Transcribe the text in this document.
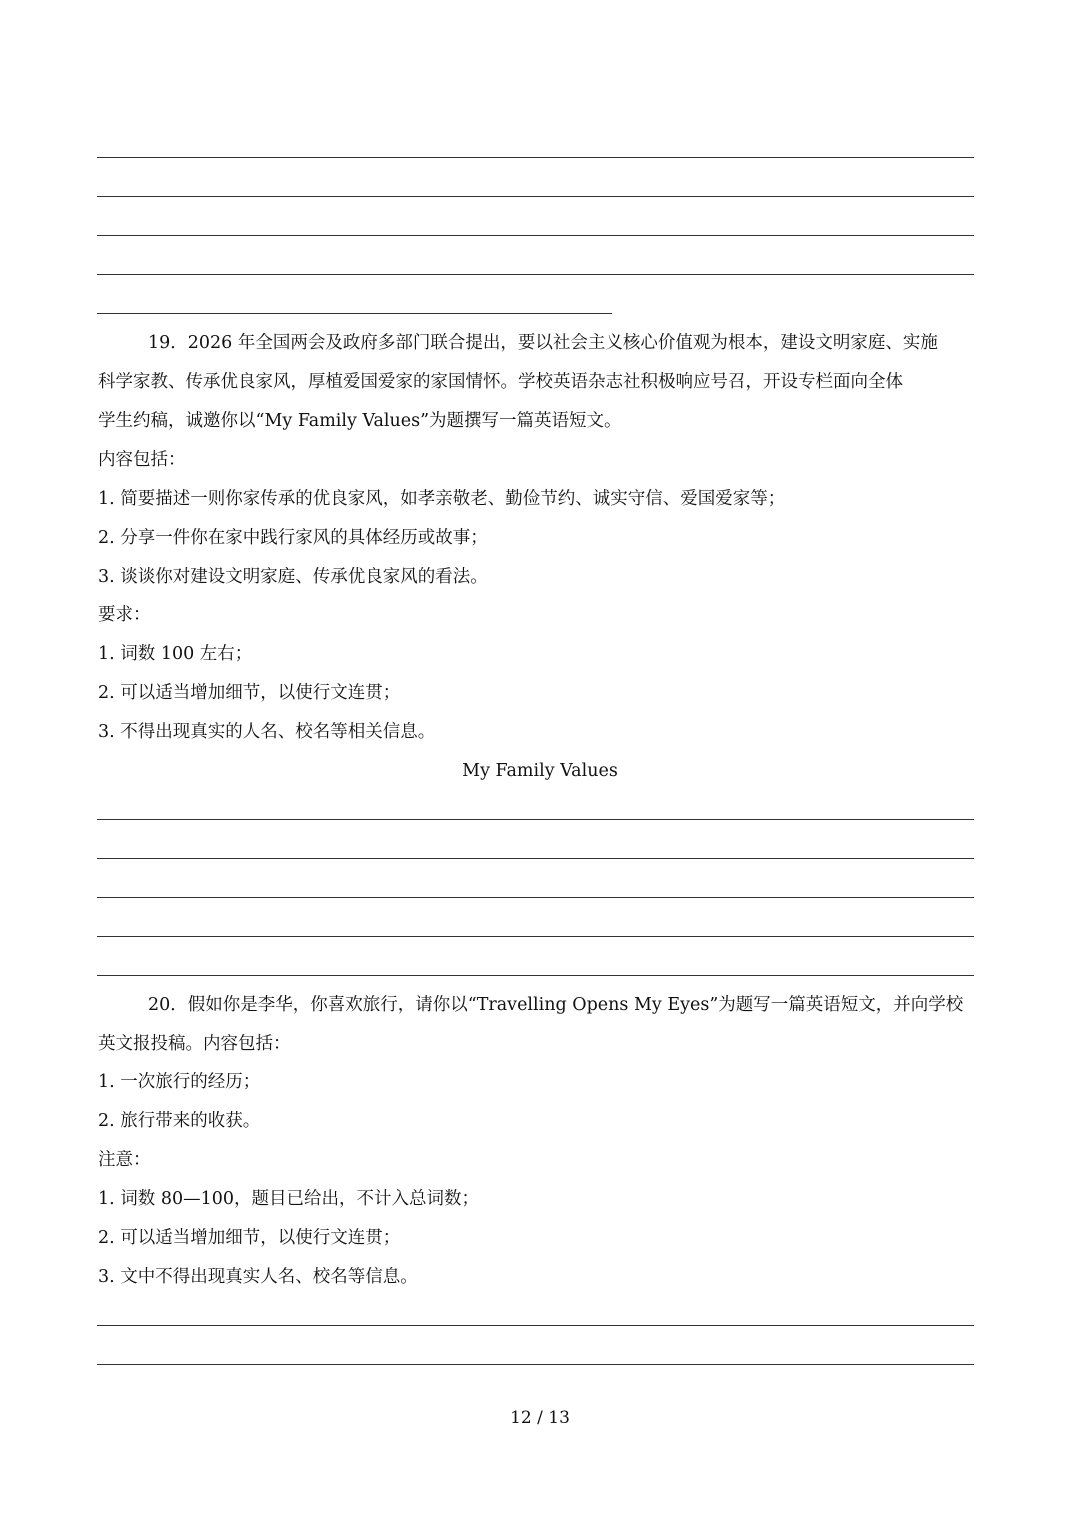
19．2026 年全国两会及政府多部门联合提出，要以社会主义核心价值观为根本，建设文明家庭、实施
科学家教、传承优良家风，厚植爱国爱家的家国情怀。学校英语杂志社积极响应号召，开设专栏面向全体
学生约稿，诚邀你以“My Family Values”为题撰写一篇英语短文。
内容包括：
1. 简要描述一则你家传承的优良家风，如孝亲敬老、勤俭节约、诚实守信、爱国爱家等；
2. 分享一件你在家中践行家风的具体经历或故事；
3. 谈谈你对建设文明家庭、传承优良家风的看法。
要求：
1. 词数 100 左右；
2. 可以适当增加细节，以使行文连贯；
3. 不得出现真实的人名、校名等相关信息。
My Family Values
20．假如你是李华，你喜欢旅行，请你以“Travelling Opens My Eyes”为题写一篇英语短文，并向学校
英文报投稿。内容包括：
1. 一次旅行的经历；
2. 旅行带来的收获。
注意：
1. 词数 80—100，题目已给出，不计入总词数；
2. 可以适当增加细节，以使行文连贯；
3. 文中不得出现真实人名、校名等信息。
12 / 13
